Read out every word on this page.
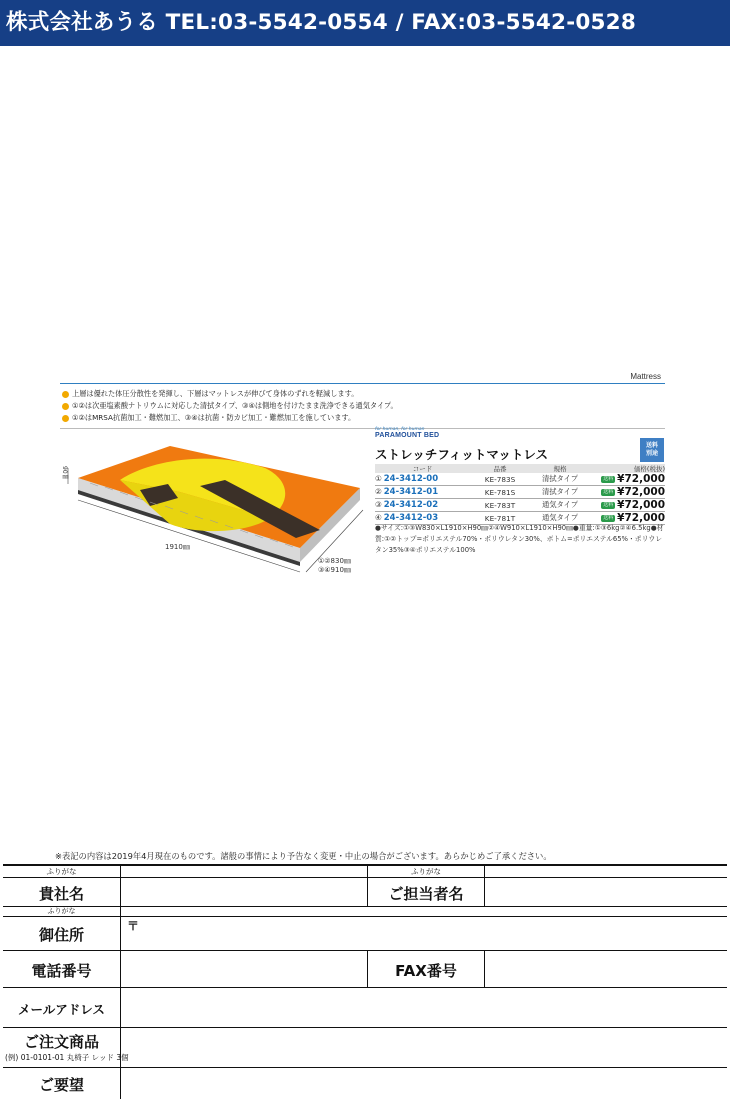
株式会社あうる TEL:03-5542-0554 / FAX:03-5542-0528
Mattress
上層は優れた体圧分散性を発揮し、下層はマットレスが伸びて身体のずれを軽減します。
①②は次亜塩素酸ナトリウムに対応した清拭タイプ、③④は側地を付けたまま洗浄できる通気タイプ。
①②はMRSA抗菌加工・難燃加工、③④は抗菌・防カビ加工・難燃加工を施しています。
1910㎜
90㎜
①②830㎜
③④910㎜
for human, for human
PARAMOUNT BED
ストレッチフィットマットレス
送料
別途
コード	品番	規格	価格(税抜)
① 24-3412-00	KE-783S	清拭タイプ	送料 ¥72,000
② 24-3412-01	KE-781S	清拭タイプ	送料 ¥72,000
③ 24-3412-02	KE-783T	通気タイプ	送料 ¥72,000
④ 24-3412-03	KE-781T	通気タイプ	送料 ¥72,000
●サイズ:①③W830×L1910×H90㎜②④W910×L1910×H90㎜●重量:①③6kg②④6.5kg●材質:①②トップ=ポリエステル70%・ポリウレタン30%、ボトム=ポリエステル65%・ポリウレタン35%③④ポリエステル100%
※表記の内容は2019年4月現在のものです。諸般の事情により予告なく変更・中止の場合がございます。あらかじめご了承ください。
ふりがな	ふりがな
貴社名	ご担当者名
ふりがな
御住所	〒
電話番号	FAX番号
メールアドレス
ご注文商品
(例) 01-0101-01 丸椅子 レッド 3個
ご要望
